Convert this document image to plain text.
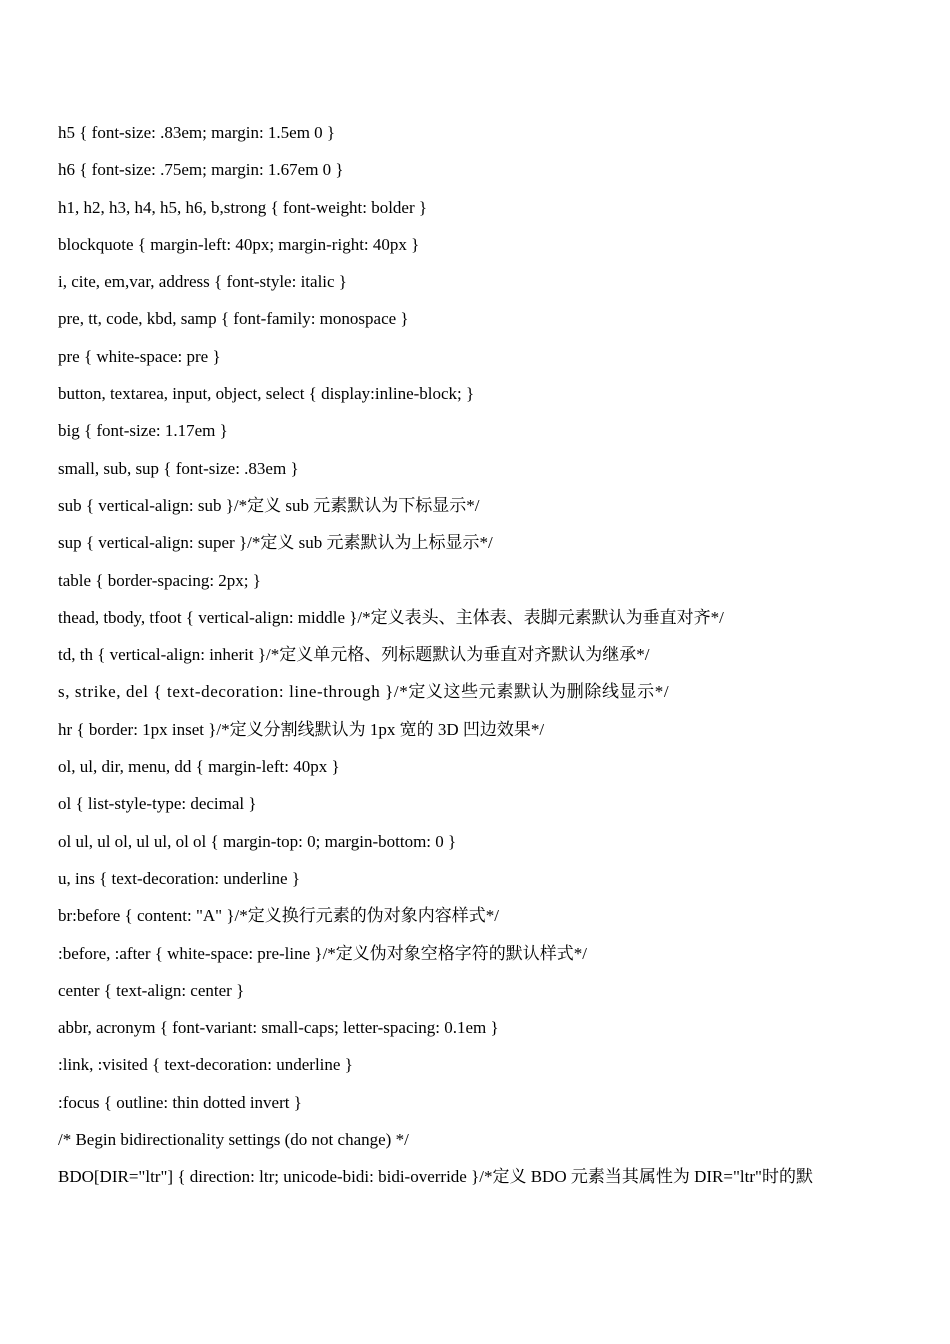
h5 { font-size: .83em; margin: 1.5em 0 }
h6 { font-size: .75em; margin: 1.67em 0 }
h1, h2, h3, h4, h5, h6, b,strong { font-weight: bolder }
blockquote { margin-left: 40px; margin-right: 40px }
i, cite, em,var, address { font-style: italic }
pre, tt, code, kbd, samp { font-family: monospace }
pre { white-space: pre }
button, textarea, input, object, select { display:inline-block; }
big { font-size: 1.17em }
small, sub, sup { font-size: .83em }
sub { vertical-align: sub }/*定义 sub 元素默认为下标显示*/
sup { vertical-align: super }/*定义 sub 元素默认为上标显示*/
table { border-spacing: 2px; }
thead, tbody, tfoot { vertical-align: middle }/*定义表头、主体表、表脚元素默认为垂直对齐*/
td, th { vertical-align: inherit }/*定义单元格、列标题默认为垂直对齐默认为继承*/
s, strike, del { text-decoration: line-through }/*定义这些元素默认为删除线显示*/
hr { border: 1px inset }/*定义分割线默认为 1px 宽的 3D 凹边效果*/
ol, ul, dir, menu, dd { margin-left: 40px }
ol { list-style-type: decimal }
ol ul, ul ol, ul ul, ol ol { margin-top: 0; margin-bottom: 0 }
u, ins { text-decoration: underline }
br:before { content: "A" }/*定义换行元素的伪对象内容样式*/
:before, :after { white-space: pre-line }/*定义伪对象空格字符的默认样式*/
center { text-align: center }
abbr, acronym { font-variant: small-caps; letter-spacing: 0.1em }
:link, :visited { text-decoration: underline }
:focus { outline: thin dotted invert }
/* Begin bidirectionality settings (do not change) */
BDO[DIR="ltr"] { direction: ltr; unicode-bidi: bidi-override }/*定义 BDO 元素当其属性为 DIR="ltr"时的默
